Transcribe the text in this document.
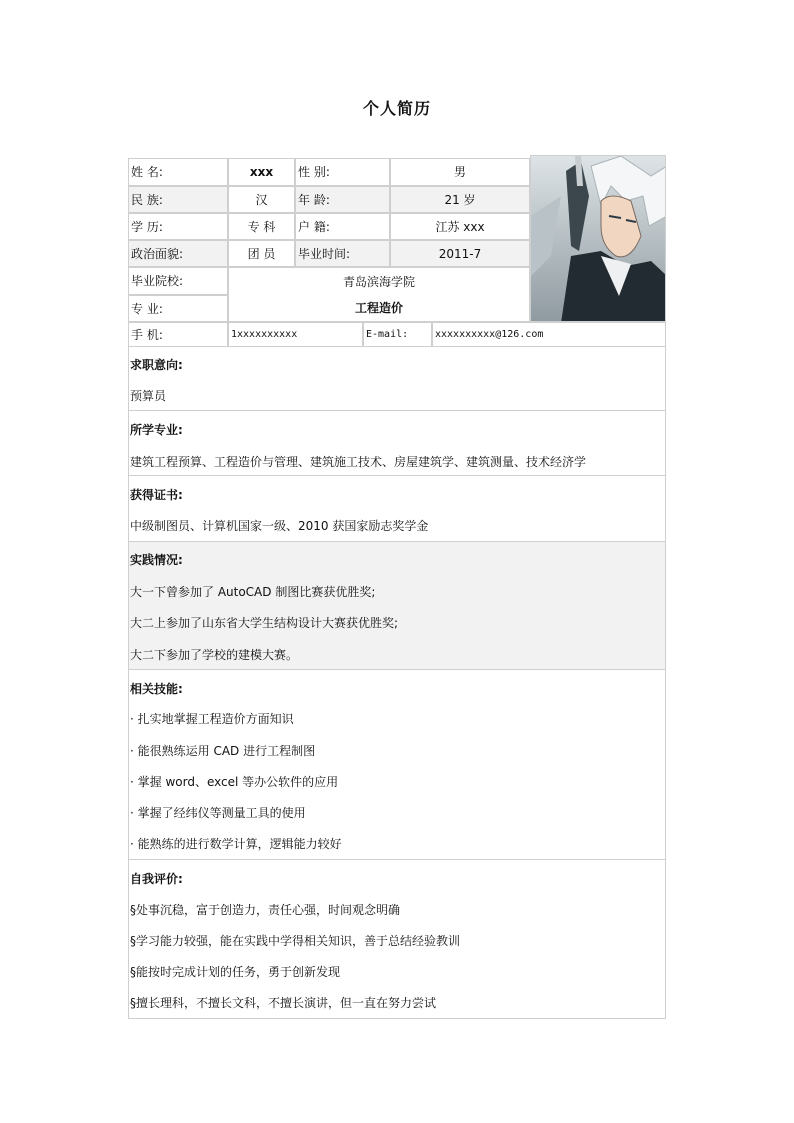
个人简历
姓 名:	xxx	性 别:	男
民 族:	汉	年 龄:	21 岁
学 历:	专 科	户 籍:	江苏 xxx
政治面貌:	团 员	毕业时间:	2011-7
毕业院校:	青岛滨海学院
专 业:	工程造价
手 机:	1xxxxxxxxxx	E-mail:	xxxxxxxxxx@126.com
求职意向:
预算员
所学专业:
建筑工程预算、工程造价与管理、建筑施工技术、房屋建筑学、建筑测量、技术经济学
获得证书:
中级制图员、计算机国家一级、2010 获国家励志奖学金
实践情况:
大一下曾参加了 AutoCAD 制图比赛获优胜奖;
大二上参加了山东省大学生结构设计大赛获优胜奖;
大二下参加了学校的建模大赛。
相关技能:
· 扎实地掌握工程造价方面知识
· 能很熟练运用 CAD 进行工程制图
· 掌握 word、excel 等办公软件的应用
· 掌握了经纬仪等测量工具的使用
· 能熟练的进行数学计算，逻辑能力较好
自我评价:
§处事沉稳，富于创造力，责任心强，时间观念明确
§学习能力较强，能在实践中学得相关知识，善于总结经验教训
§能按时完成计划的任务，勇于创新发现
§擅长理科，不擅长文科，不擅长演讲，但一直在努力尝试
